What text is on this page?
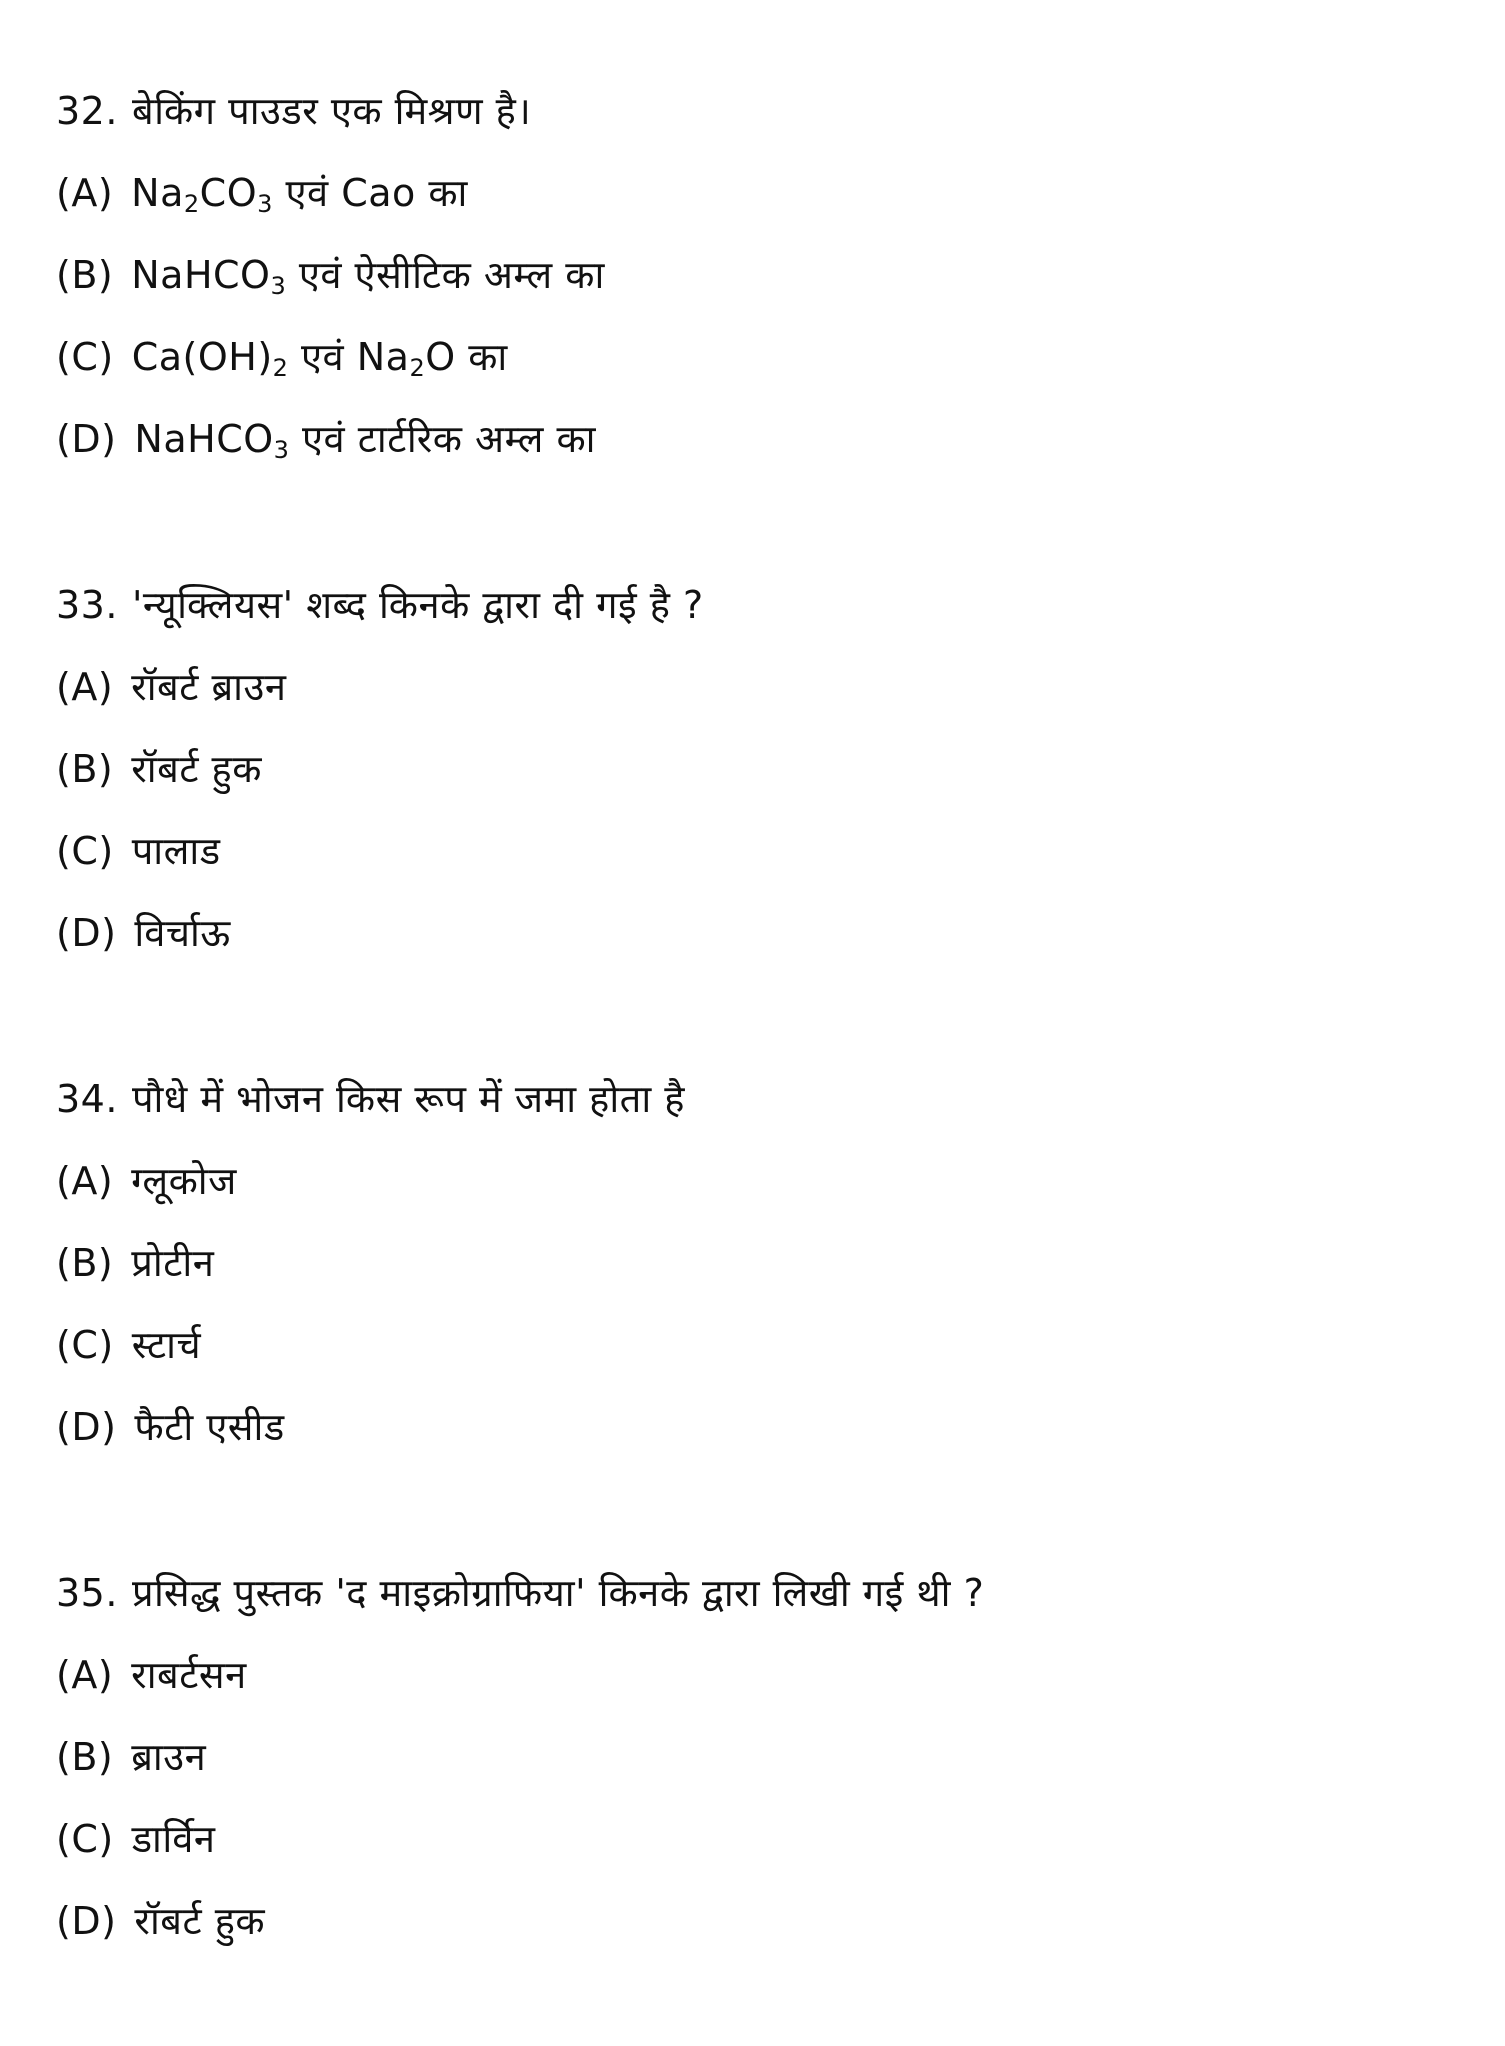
32. बेकिंग पाउडर एक मिश्रण है।
(A) $Na_2CO_3$ एवं Cao का
(B) NaHCO$_3$ एवं ऐसीटिक अम्ल का
(C) $Ca(OH)_2$ एवं $Na_2O$ का
(D) NaHCO$_3$ एवं टार्टरिक अम्ल का
33. 'न्यूक्लियस' शब्द किनके द्वारा दी गई है ?
(A) रॉबर्ट ब्राउन
(B) रॉबर्ट हुक
(C) पालाड
(D) विर्चाऊ
34. पौधे में भोजन किस रूप में जमा होता है
(A) ग्लूकोज
(B) प्रोटीन
(C) स्टार्च
(D) फैटी एसीड
35. प्रसिद्ध पुस्तक 'द माइक्रोग्राफिया' किनके द्वारा लिखी गई थी ?
(A) राबर्टसन
(B) ब्राउन
(C) डार्विन
(D) रॉबर्ट हुक
